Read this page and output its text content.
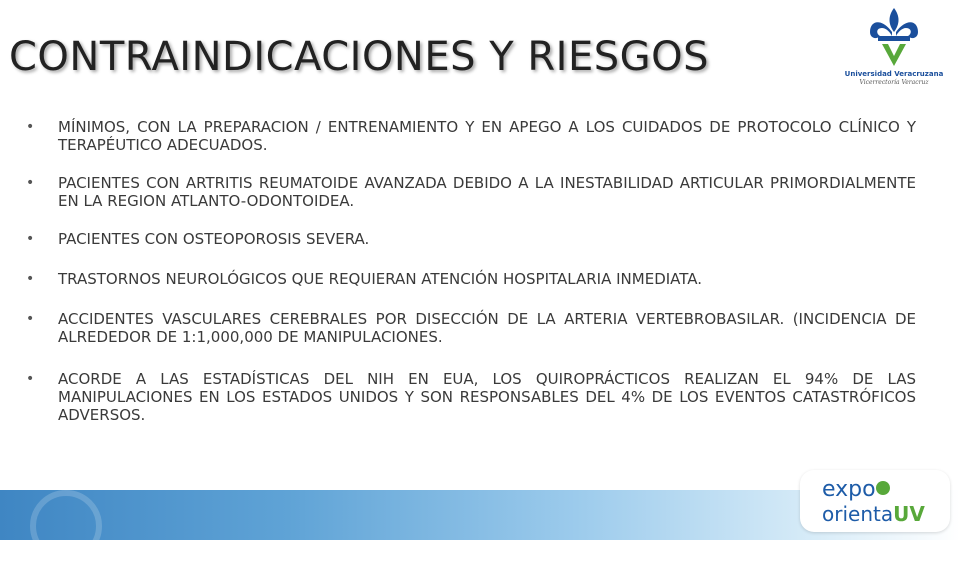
CONTRAINDICACIONES Y RIESGOS	Universidad Veracruzana
Vicerrectoría Veracruz
• MÍNIMOS, CON LA PREPARACION / ENTRENAMIENTO Y EN APEGO A LOS CUIDADOS DE PROTOCOLO CLÍNICO Y TERAPÉUTICO ADECUADOS.
• PACIENTES CON ARTRITIS REUMATOIDE AVANZADA DEBIDO A LA INESTABILIDAD ARTICULAR PRIMORDIALMENTE EN LA REGION ATLANTO-ODONTOIDEA.
• PACIENTES CON OSTEOPOROSIS SEVERA.
• TRASTORNOS NEUROLÓGICOS QUE REQUIERAN ATENCIÓN HOSPITALARIA INMEDIATA.
• ACCIDENTES VASCULARES CEREBRALES POR DISECCIÓN DE LA ARTERIA VERTEBROBASILAR. (INCIDENCIA DE ALREDEDOR DE 1:1,000,000 DE MANIPULACIONES.
• ACORDE A LAS ESTADÍSTICAS DEL NIH EN EUA, LOS QUIROPRÁCTICOS REALIZAN EL 94% DE LAS MANIPULACIONES EN LOS ESTADOS UNIDOS Y SON RESPONSABLES DEL 4% DE LOS EVENTOS CATASTRÓFICOS ADVERSOS.
expo
orientaUV
